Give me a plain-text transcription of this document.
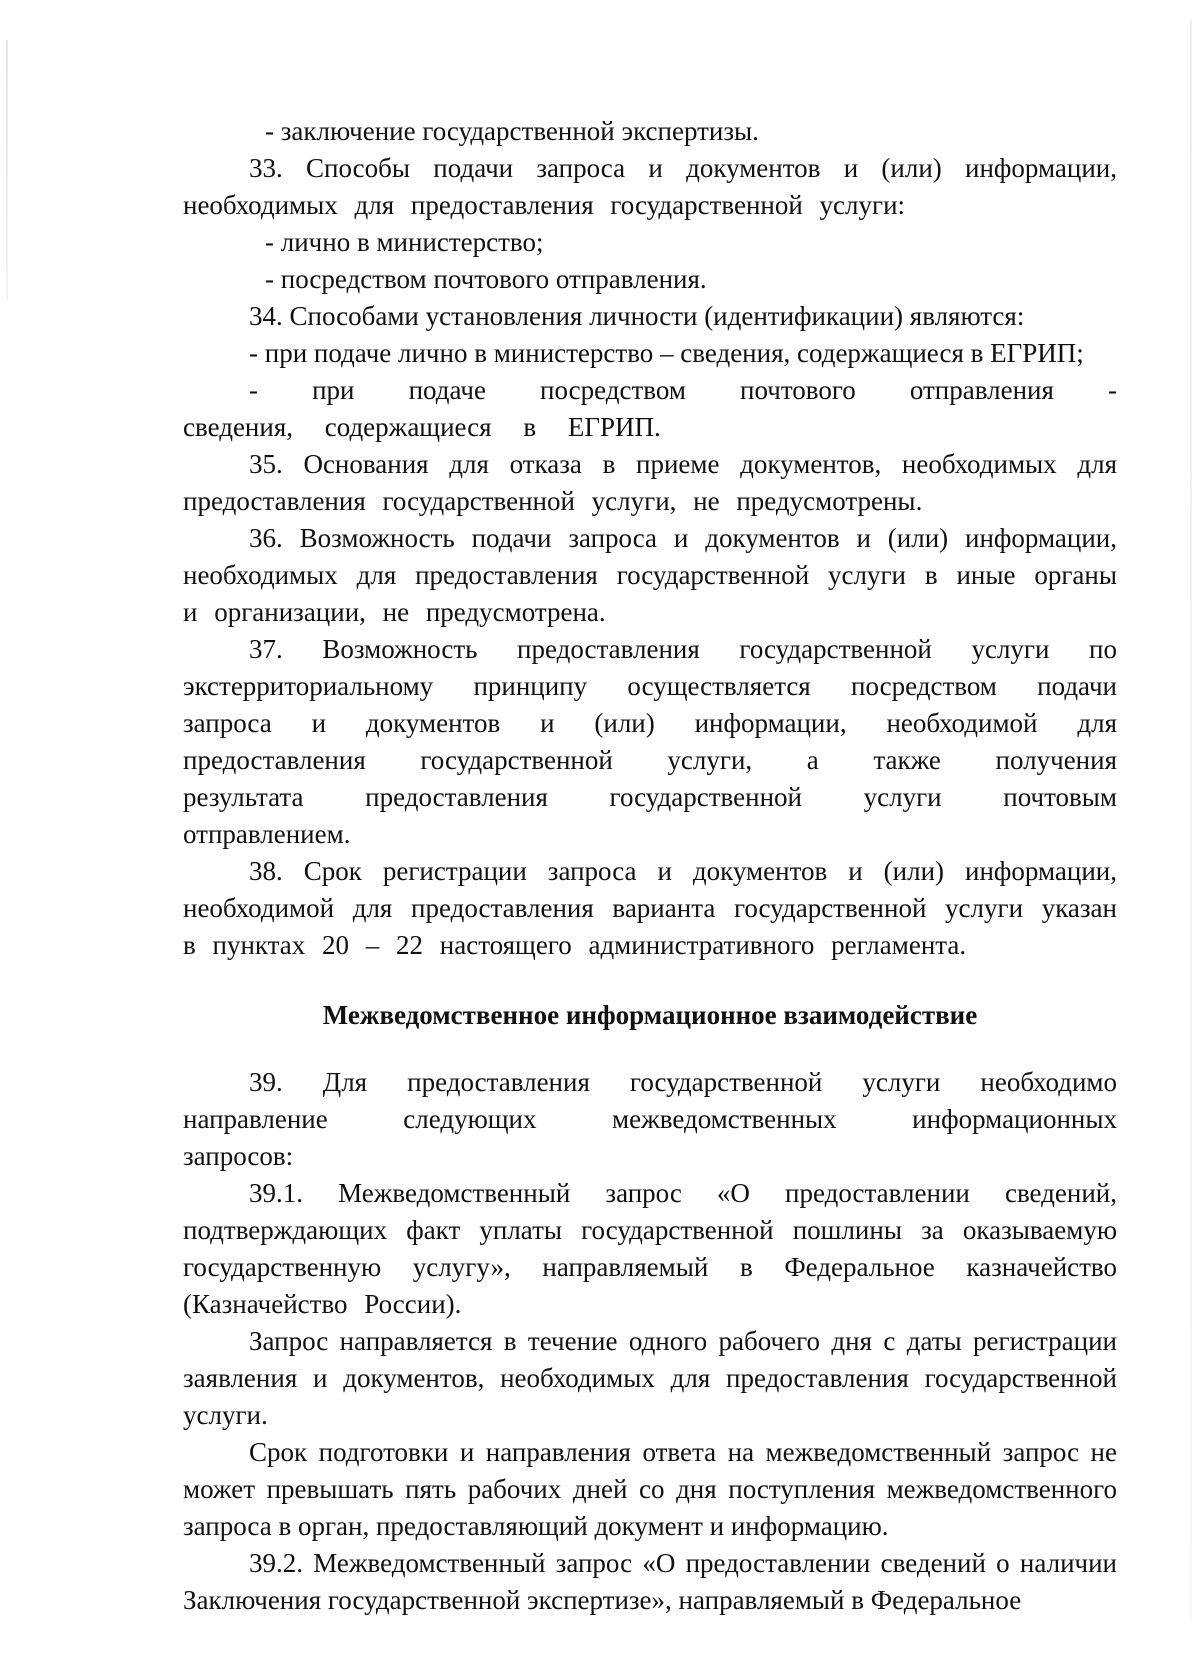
- заключение государственной экспертизы.

33. Способы подачи запроса и документов и (или) информации, необходимых для предоставления государственной услуги:

- лично в министерство;

- посредством почтового отправления.

34. Способами установления личности (идентификации) являются:

- при подаче лично в министерство – сведения, содержащиеся в ЕГРИП;

- при подаче посредством почтового отправления - сведения, содержащиеся в ЕГРИП.

35. Основания для отказа в приеме документов, необходимых для предоставления государственной услуги, не предусмотрены.

36. Возможность подачи запроса и документов и (или) информации, необходимых для предоставления государственной услуги в иные органы и организации, не предусмотрена.

37. Возможность предоставления государственной услуги по экстерриториальному принципу осуществляется посредством подачи запроса и документов и (или) информации, необходимой для предоставления государственной услуги, а также получения результата предоставления государственной услуги почтовым отправлением.

38. Срок регистрации запроса и документов и (или) информации, необходимой для предоставления варианта государственной услуги указан в пунктах 20 – 22 настоящего административного регламента.

Межведомственное информационное взаимодействие

39. Для предоставления государственной услуги необходимо направление следующих межведомственных информационных запросов:

39.1. Межведомственный запрос «О предоставлении сведений, подтверждающих факт уплаты государственной пошлины за оказываемую государственную услугу», направляемый в Федеральное казначейство (Казначейство России).

Запрос направляется в течение одного рабочего дня с даты регистрации заявления и документов, необходимых для предоставления государственной услуги.

Срок подготовки и направления ответа на межведомственный запрос не может превышать пять рабочих дней со дня поступления межведомственного запроса в орган, предоставляющий документ и информацию.

39.2. Межведомственный запрос «О предоставлении сведений о наличии Заключения государственной экспертизе», направляемый в Федеральное
